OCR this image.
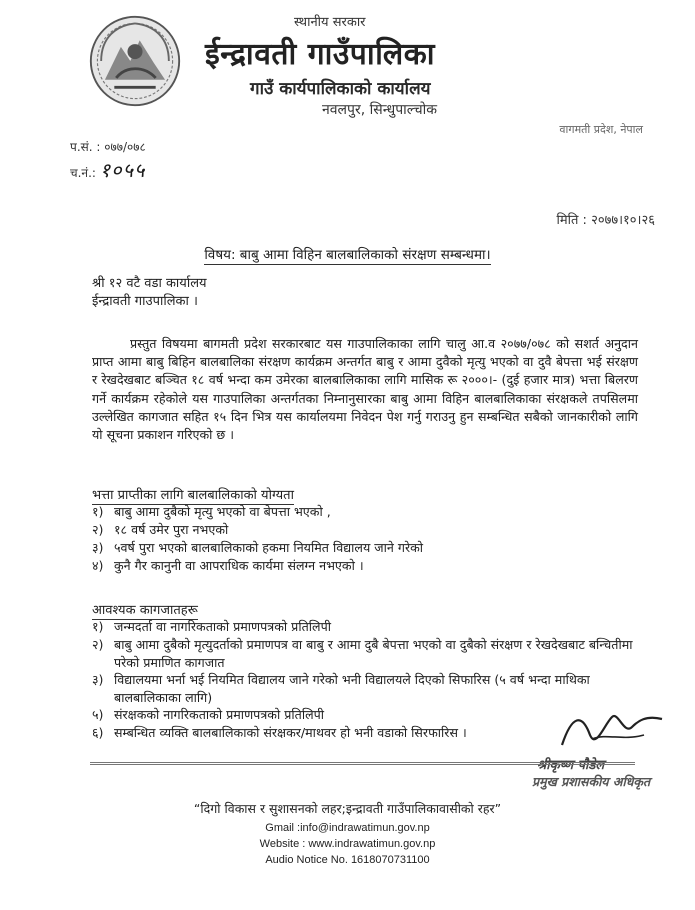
स्थानीय सरकार
ईन्द्रावती गाउँपालिका
गाउँ कार्यपालिकाको कार्यालय
नवलपुर, सिन्धुपाल्चोक
वागमती प्रदेश, नेपाल
प.सं. : ०७७/०७८
च.नं.: १०५५
मिति : २०७७।१०।२६
विषय: बाबु आमा विहिन बालबालिकाको संरक्षण सम्बन्धमा।
श्री १२ वटै वडा कार्यालय
ईन्द्रावती गाउपालिका ।
प्रस्तुत विषयमा बागमती प्रदेश सरकारबाट यस गाउपालिकाका लागि चालु आ.व २०७७/०७८ को सशर्त अनुदान प्राप्त आमा बाबु बिहिन बालबालिका संरक्षण कार्यक्रम अन्तर्गत बाबु र आमा दुवैको मृत्यु भएको वा दुवै बेपत्ता भई संरक्षण र रेखदेखबाट बञ्चित १८ वर्ष भन्दा कम उमेरका बालबालिकाका लागि मासिक रू २०००।- (दुई हजार मात्र) भत्ता बिलरण गर्ने कार्यक्रम रहेकोले यस गाउपालिका अन्तर्गतका निम्नानुसारका बाबु आमा विहिन बालबालिकाका संरक्षकले तपसिलमा उल्लेखित कागजात सहित १५ दिन भित्र यस कार्यालयमा निवेदन पेश गर्नु गराउनु हुन सम्बन्धित सबैको जानकारीको लागि यो सूचना प्रकाशन गरिएको छ ।
भत्ता प्राप्तीका लागि बालबालिकाको योग्यता
१) बाबु आमा दुबैको मृत्यु भएको वा बेपत्ता भएको ,
२) १८ वर्ष उमेर पुरा नभएको
३) ५वर्ष पुरा भएको बालबालिकाको हकमा नियमित विद्यालय जाने गरेको
४) कुनै गैर कानुनी वा आपराधिक कार्यमा संलग्न नभएको ।
आवश्यक कागजातहरू
१) जन्मदर्ता वा नागरिकताको प्रमाणपत्रको प्रतिलिपी
२) बाबु आमा दुबैको मृत्युदर्ताको प्रमाणपत्र वा बाबु र आमा दुबै बेपत्ता भएको वा दुबैको संरक्षण र रेखदेखबाट बन्चितीमा परेको प्रमाणित कागजात
३) विद्यालयमा भर्ना भई नियमित विद्यालय जाने गरेको भनी विद्यालयले दिएको सिफारिस (५ वर्ष भन्दा माथिका बालबालिकाका लागि)
५) संरक्षकको नागरिकताको प्रमाणपत्रको प्रतिलिपी
६) सम्बन्धित व्यक्ति बालबालिकाको संरक्षकर/माथवर हो भनी वडाको सिरफारिस ।
श्रीकृष्ण पौडेल
प्रमुख प्रशासकीय अधिकृत
“दिगो विकास र सुशासनको लहर;इन्द्रावती गाउँपालिकावासीको रहर”
Gmail :info@indrawatimun.gov.np
Website : www.indrawatimun.gov.np
Audio Notice No. 1618070731100
